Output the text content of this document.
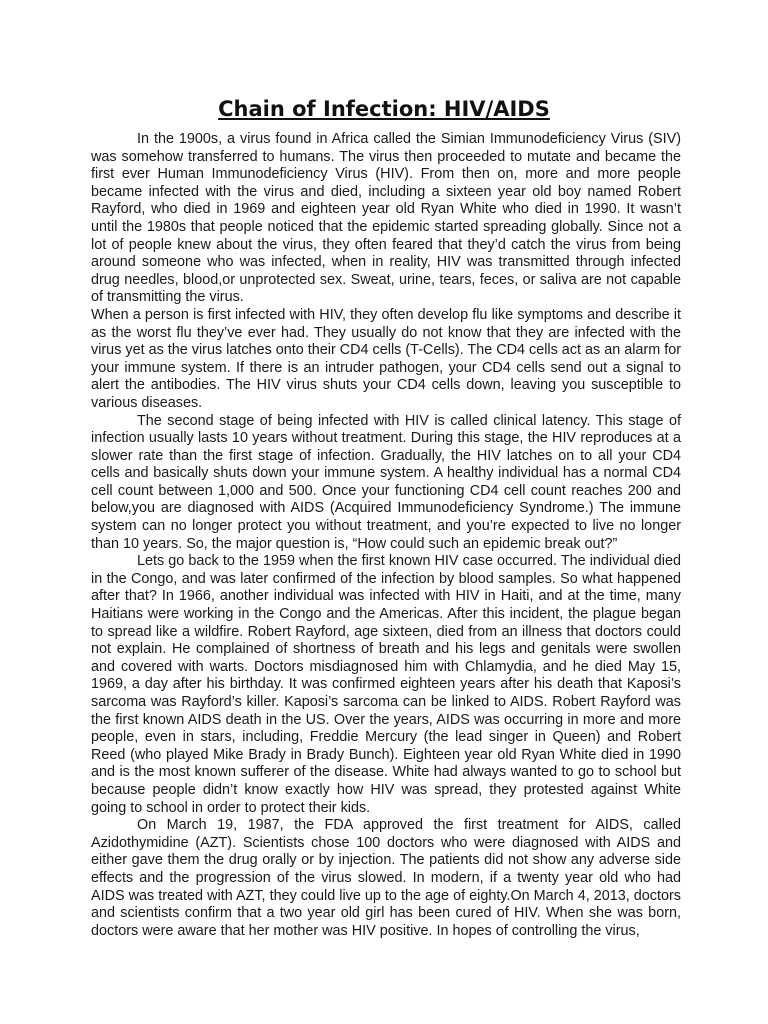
Chain of Infection: HIV/AIDS

In the 1900s, a virus found in Africa called the Simian Immunodeficiency Virus (SIV) was somehow transferred to humans. The virus then proceeded to mutate and became the first ever Human Immunodeficiency Virus (HIV). From then on, more and more people became infected with the virus and died, including a sixteen year old boy named Robert Rayford, who died in 1969 and eighteen year old Ryan White who died in 1990. It wasn’t until the 1980s that people noticed that the epidemic started spreading globally. Since not a lot of people knew about the virus, they often feared that they’d catch the virus from being around someone who was infected, when in reality, HIV was transmitted through infected drug needles, blood,or unprotected sex. Sweat, urine, tears, feces, or saliva are not capable of transmitting the virus.

When a person is first infected with HIV, they often develop flu like symptoms and describe it as the worst flu they’ve ever had. They usually do not know that they are infected with the virus yet as the virus latches onto their CD4 cells (T-Cells). The CD4 cells act as an alarm for your immune system. If there is an intruder pathogen, your CD4 cells send out a signal to alert the antibodies. The HIV virus shuts your CD4 cells down, leaving you susceptible to various diseases.

The second stage of being infected with HIV is called clinical latency. This stage of infection usually lasts 10 years without treatment. During this stage, the HIV reproduces at a slower rate than the first stage of infection. Gradually, the HIV latches on to all your CD4 cells and basically shuts down your immune system. A healthy individual has a normal CD4 cell count between 1,000 and 500. Once your functioning CD4 cell count reaches 200 and below,you are diagnosed with AIDS (Acquired Immunodeficiency Syndrome.) The immune system can no longer protect you without treatment, and you’re expected to live no longer than 10 years. So, the major question is, “How could such an epidemic break out?”

Lets go back to the 1959 when the first known HIV case occurred. The individual died in the Congo, and was later confirmed of the infection by blood samples. So what happened after that? In 1966, another individual was infected with HIV in Haiti, and at the time, many Haitians were working in the Congo and the Americas. After this incident, the plague began to spread like a wildfire. Robert Rayford, age sixteen, died from an illness that doctors could not explain. He complained of shortness of breath and his legs and genitals were swollen and covered with warts. Doctors misdiagnosed him with Chlamydia, and he died May 15, 1969, a day after his birthday. It was confirmed eighteen years after his death that Kaposi’s sarcoma was Rayford’s killer. Kaposi’s sarcoma can be linked to AIDS. Robert Rayford was the first known AIDS death in the US. Over the years, AIDS was occurring in more and more people, even in stars, including, Freddie Mercury (the lead singer in Queen) and Robert Reed (who played Mike Brady in Brady Bunch). Eighteen year old Ryan White died in 1990 and is the most known sufferer of the disease. White had always wanted to go to school but because people didn’t know exactly how HIV was spread, they protested against White going to school in order to protect their kids.

On March 19, 1987, the FDA approved the first treatment for AIDS, called Azidothymidine (AZT). Scientists chose 100 doctors who were diagnosed with AIDS and either gave them the drug orally or by injection. The patients did not show any adverse side effects and the progression of the virus slowed. In modern, if a twenty year old who had AIDS was treated with AZT, they could live up to the age of eighty.On March 4, 2013, doctors and scientists confirm that a two year old girl has been cured of HIV. When she was born, doctors were aware that her mother was HIV positive. In hopes of controlling the virus,
